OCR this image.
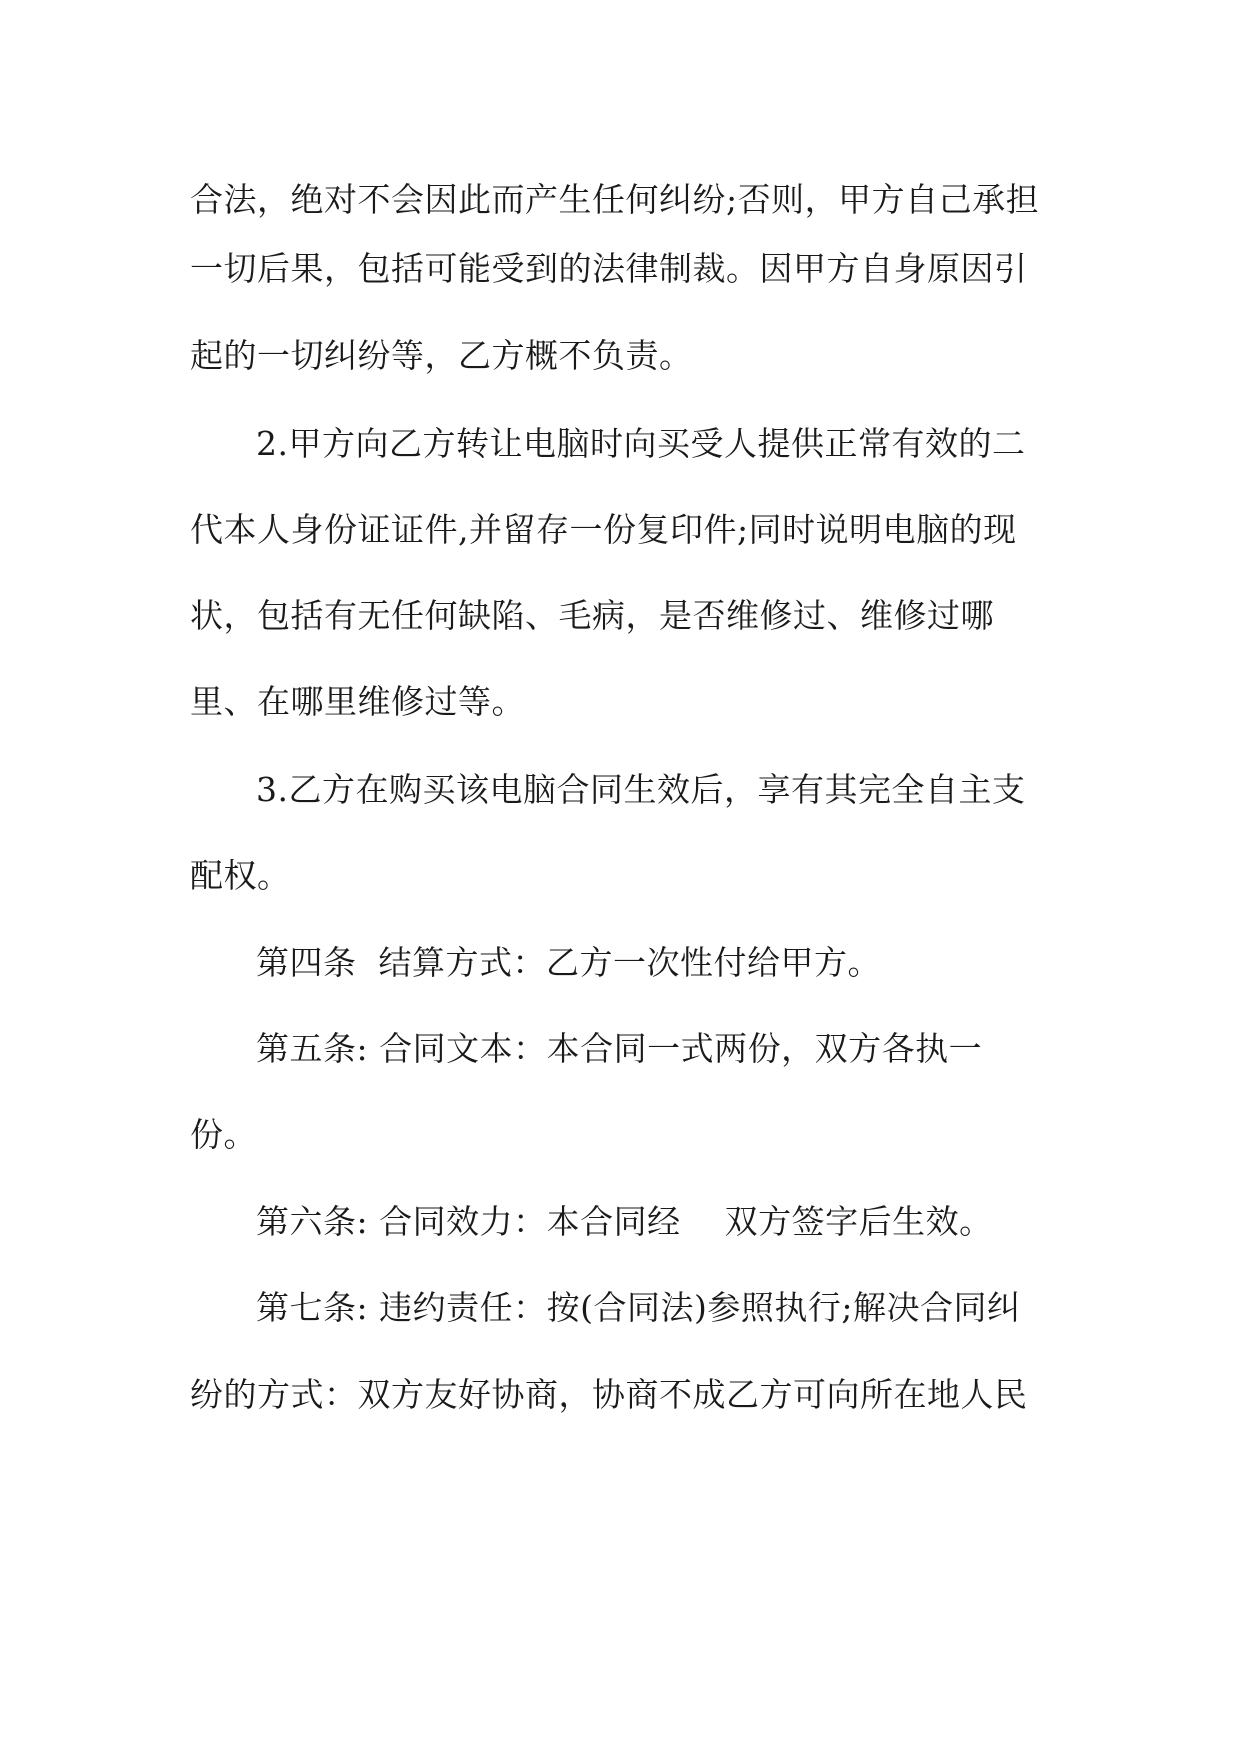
合法，绝对不会因此而产生任何纠纷;否则，甲方自己承担
一切后果，包括可能受到的法律制裁。因甲方自身原因引
起的一切纠纷等，乙方概不负责。
2.甲方向乙方转让电脑时向买受人提供正常有效的二
代本人身份证证件,并留存一份复印件;同时说明电脑的现
状，包括有无任何缺陷、毛病，是否维修过、维修过哪
里、在哪里维修过等。
3.乙方在购买该电脑合同生效后，享有其完全自主支
配权。
第四条  结算方式：乙方一次性付给甲方。
第五条: 合同文本：本合同一式两份，双方各执一
份。
第六条: 合同效力：本合同经    双方签字后生效。
第七条: 违约责任：按(合同法)参照执行;解决合同纠
纷的方式：双方友好协商，协商不成乙方可向所在地人民
